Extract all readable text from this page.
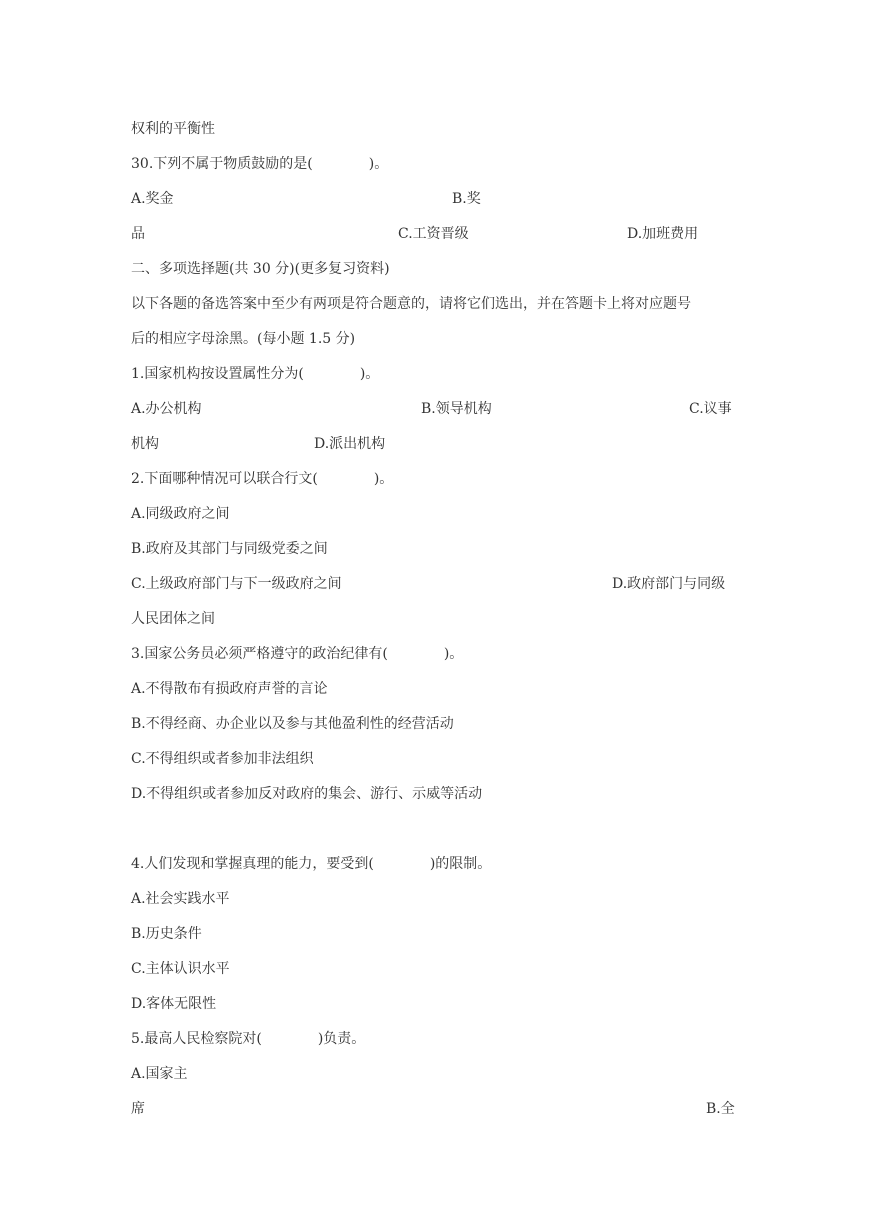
权利的平衡性
30.下列不属于物质鼓励的是(　　　　)。
A.奖金	B.奖
品	C.工资晋级	D.加班费用
二、多项选择题(共 30 分)(更多复习资料)
以下各题的备选答案中至少有两项是符合题意的，请将它们选出，并在答题卡上将对应题号
后的相应字母涂黑。(每小题 1.5 分)
1.国家机构按设置属性分为(　　　　)。
A.办公机构	B.领导机构	C.议事
机构	D.派出机构
2.下面哪种情况可以联合行文(　　　　)。
A.同级政府之间
B.政府及其部门与同级党委之间
C.上级政府部门与下一级政府之间	D.政府部门与同级
人民团体之间
3.国家公务员必须严格遵守的政治纪律有(　　　　)。
A.不得散布有损政府声誉的言论
B.不得经商、办企业以及参与其他盈利性的经营活动
C.不得组织或者参加非法组织
D.不得组织或者参加反对政府的集会、游行、示威等活动
4.人们发现和掌握真理的能力，要受到(　　　　)的限制。
A.社会实践水平
B.历史条件
C.主体认识水平
D.客体无限性
5.最高人民检察院对(　　　　)负责。
A.国家主
席	B.全
